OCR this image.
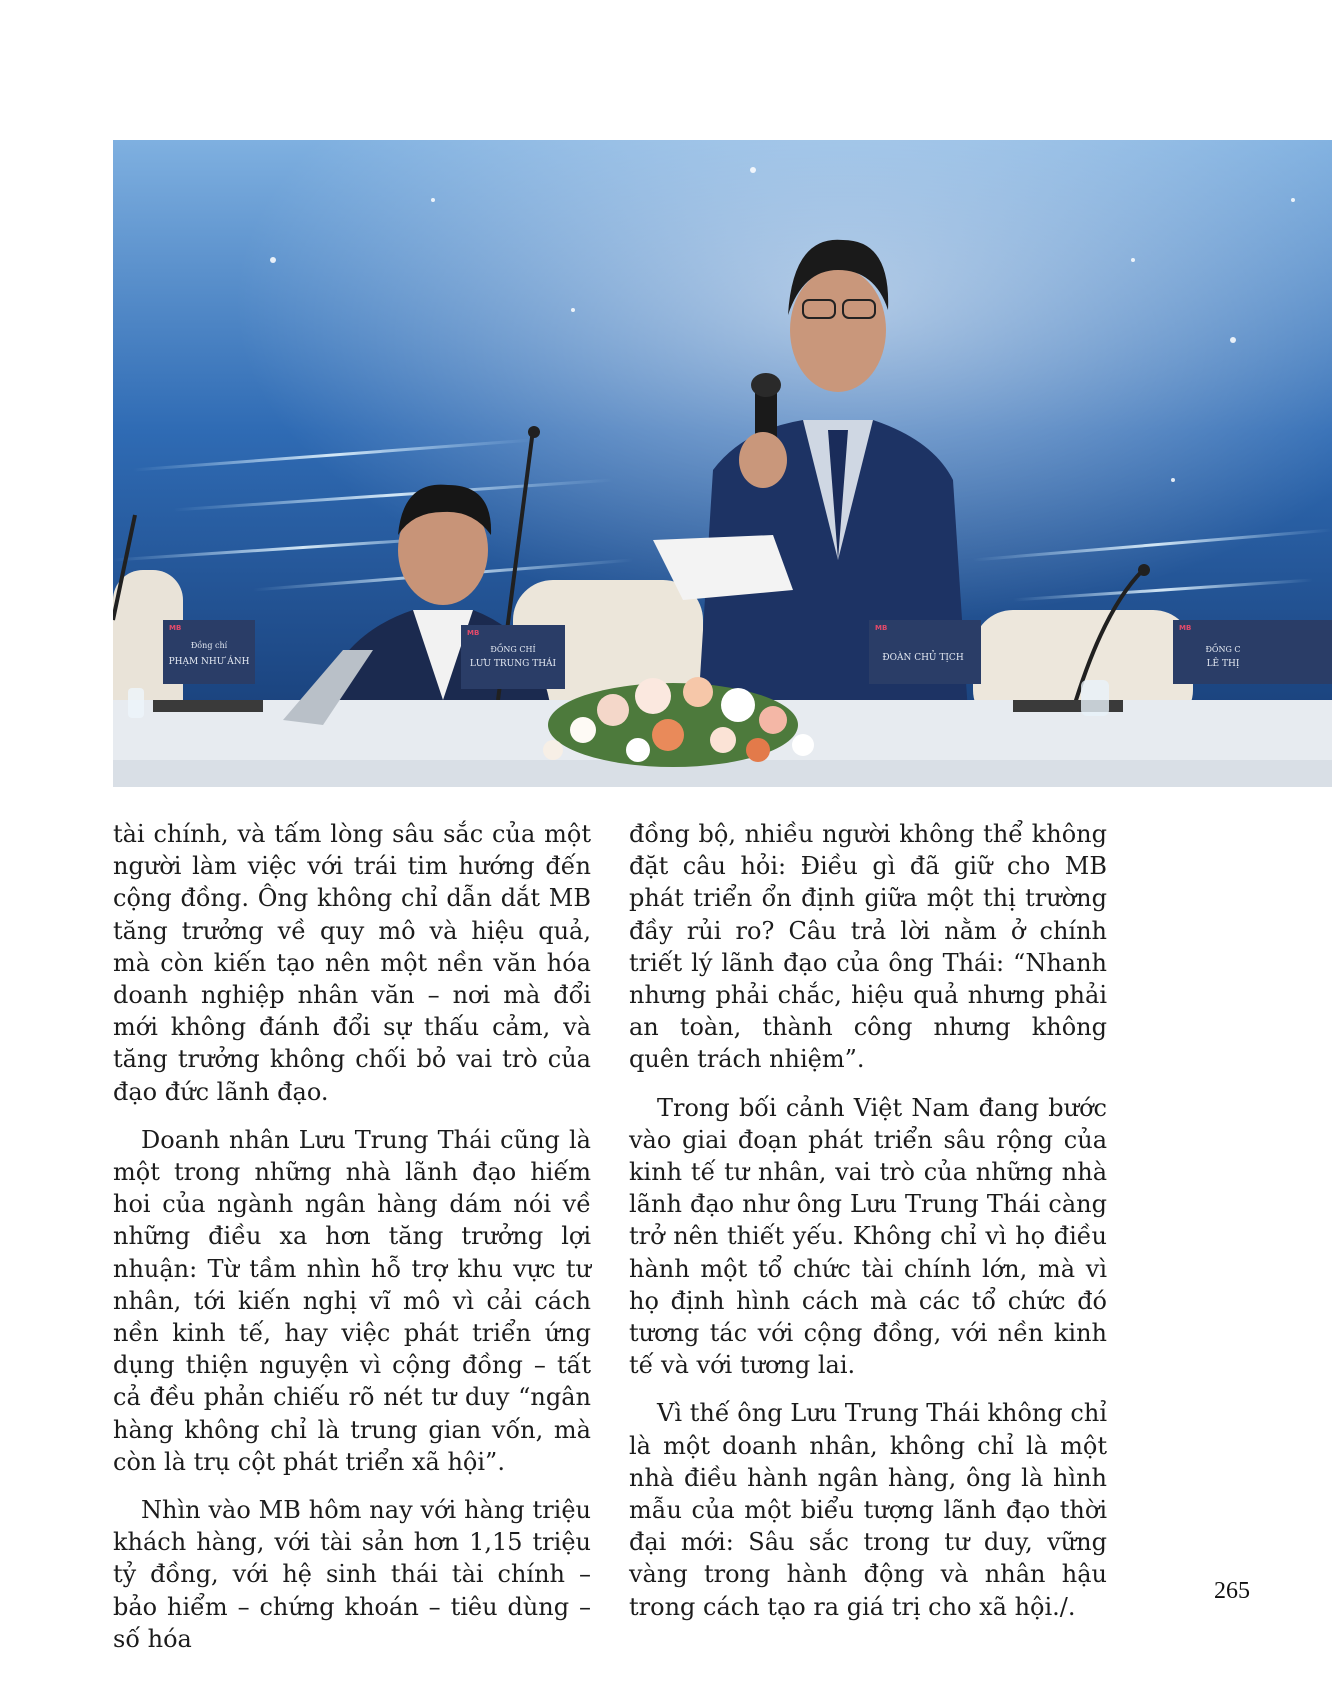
Đồng chí
PHẠM NHƯ ÁNH
ĐỒNG CHÍ
LƯU TRUNG THÁI
ĐOÀN CHỦ TỊCH
ĐỒNG C
LÊ THỊ
MB
MB
MB	MB

tài chính, và tấm lòng sâu sắc của một người làm việc với trái tim hướng đến cộng đồng. Ông không chỉ dẫn dắt MB tăng trưởng về quy mô và hiệu quả, mà còn kiến tạo nên một nền văn hóa doanh nghiệp nhân văn – nơi mà đổi mới không đánh đổi sự thấu cảm, và tăng trưởng không chối bỏ vai trò của đạo đức lãnh đạo.

Doanh nhân Lưu Trung Thái cũng là một trong những nhà lãnh đạo hiếm hoi của ngành ngân hàng dám nói về những điều xa hơn tăng trưởng lợi nhuận: Từ tầm nhìn hỗ trợ khu vực tư nhân, tới kiến nghị vĩ mô vì cải cách nền kinh tế, hay việc phát triển ứng dụng thiện nguyện vì cộng đồng – tất cả đều phản chiếu rõ nét tư duy “ngân hàng không chỉ là trung gian vốn, mà còn là trụ cột phát triển xã hội”.

Nhìn vào MB hôm nay với hàng triệu khách hàng, với tài sản hơn 1,15 triệu tỷ đồng, với hệ sinh thái tài chính – bảo hiểm – chứng khoán – tiêu dùng – số hóa

đồng bộ, nhiều người không thể không đặt câu hỏi: Điều gì đã giữ cho MB phát triển ổn định giữa một thị trường đầy rủi ro? Câu trả lời nằm ở chính triết lý lãnh đạo của ông Thái: “Nhanh nhưng phải chắc, hiệu quả nhưng phải an toàn, thành công nhưng không quên trách nhiệm”.

Trong bối cảnh Việt Nam đang bước vào giai đoạn phát triển sâu rộng của kinh tế tư nhân, vai trò của những nhà lãnh đạo như ông Lưu Trung Thái càng trở nên thiết yếu. Không chỉ vì họ điều hành một tổ chức tài chính lớn, mà vì họ định hình cách mà các tổ chức đó tương tác với cộng đồng, với nền kinh tế và với tương lai.

Vì thế ông Lưu Trung Thái không chỉ là một doanh nhân, không chỉ là một nhà điều hành ngân hàng, ông là hình mẫu của một biểu tượng lãnh đạo thời đại mới: Sâu sắc trong tư duy, vững vàng trong hành động và nhân hậu trong cách tạo ra giá trị cho xã hội./.

265
